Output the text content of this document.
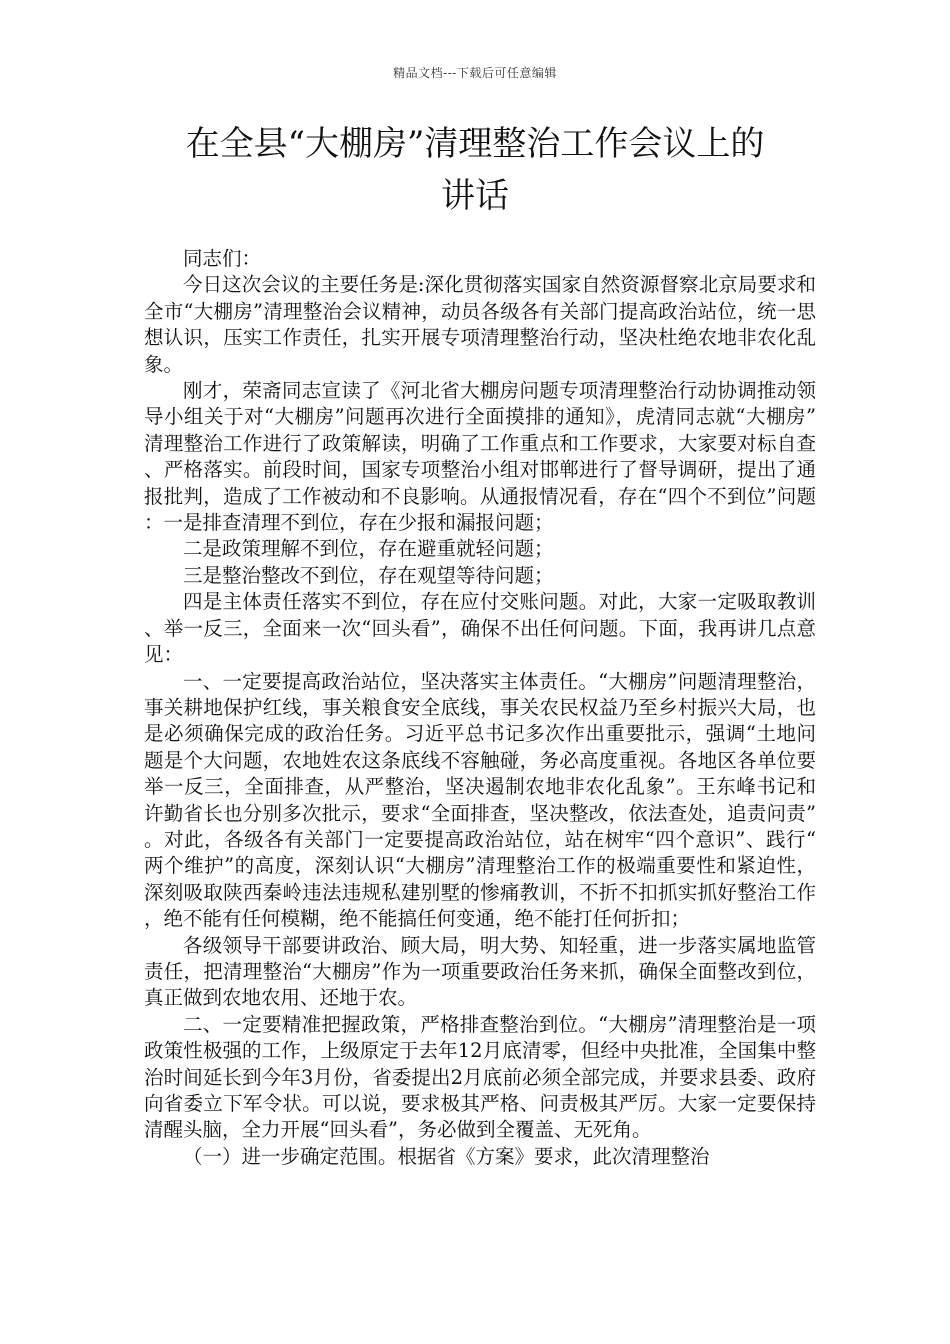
精品文档---下载后可任意编辑
在全县“大棚房”清理整治工作会议上的
讲话

同志们：

今日这次会议的主要任务是:深化贯彻落实国家自然资源督察北京局要求和全市“大棚房”清理整治会议精神，动员各级各有关部门提高政治站位，统一思想认识，压实工作责任，扎实开展专项清理整治行动，坚决杜绝农地非农化乱象。

刚才，荣斋同志宣读了《河北省大棚房问题专项清理整治行动协调推动领导小组关于对“大棚房”问题再次进行全面摸排的通知》，虎清同志就“大棚房”清理整治工作进行了政策解读，明确了工作重点和工作要求，大家要对标自查、严格落实。前段时间，国家专项整治小组对邯郸进行了督导调研，提出了通报批判，造成了工作被动和不良影响。从通报情况看，存在“四个不到位”问题：一是排查清理不到位，存在少报和漏报问题；

二是政策理解不到位，存在避重就轻问题；

三是整治整改不到位，存在观望等待问题；

四是主体责任落实不到位，存在应付交账问题。对此，大家一定吸取教训、举一反三，全面来一次“回头看”，确保不出任何问题。下面，我再讲几点意见：

一、一定要提高政治站位，坚决落实主体责任。“大棚房”问题清理整治，事关耕地保护红线，事关粮食安全底线，事关农民权益乃至乡村振兴大局，也是必须确保完成的政治任务。习近平总书记多次作出重要批示，强调“土地问题是个大问题，农地姓农这条底线不容触碰，务必高度重视。各地区各单位要举一反三，全面排查，从严整治，坚决遏制农地非农化乱象”。王东峰书记和许勤省长也分别多次批示，要求“全面排查，坚决整改，依法查处，追责问责”。对此，各级各有关部门一定要提高政治站位，站在树牢“四个意识”、践行“两个维护”的高度，深刻认识“大棚房”清理整治工作的极端重要性和紧迫性，深刻吸取陕西秦岭违法违规私建别墅的惨痛教训，不折不扣抓实抓好整治工作，绝不能有任何模糊，绝不能搞任何变通，绝不能打任何折扣；

各级领导干部要讲政治、顾大局，明大势、知轻重，进一步落实属地监管责任，把清理整治“大棚房”作为一项重要政治任务来抓，确保全面整改到位，真正做到农地农用、还地于农。

二、一定要精准把握政策，严格排查整治到位。“大棚房”清理整治是一项政策性极强的工作，上级原定于去年12月底清零，但经中央批准，全国集中整治时间延长到今年3月份，省委提出2月底前必须全部完成，并要求县委、政府向省委立下军令状。可以说，要求极其严格、问责极其严厉。大家一定要保持清醒头脑，全力开展“回头看”，务必做到全覆盖、无死角。

（一）进一步确定范围。根据省《方案》要求，此次清理整治
